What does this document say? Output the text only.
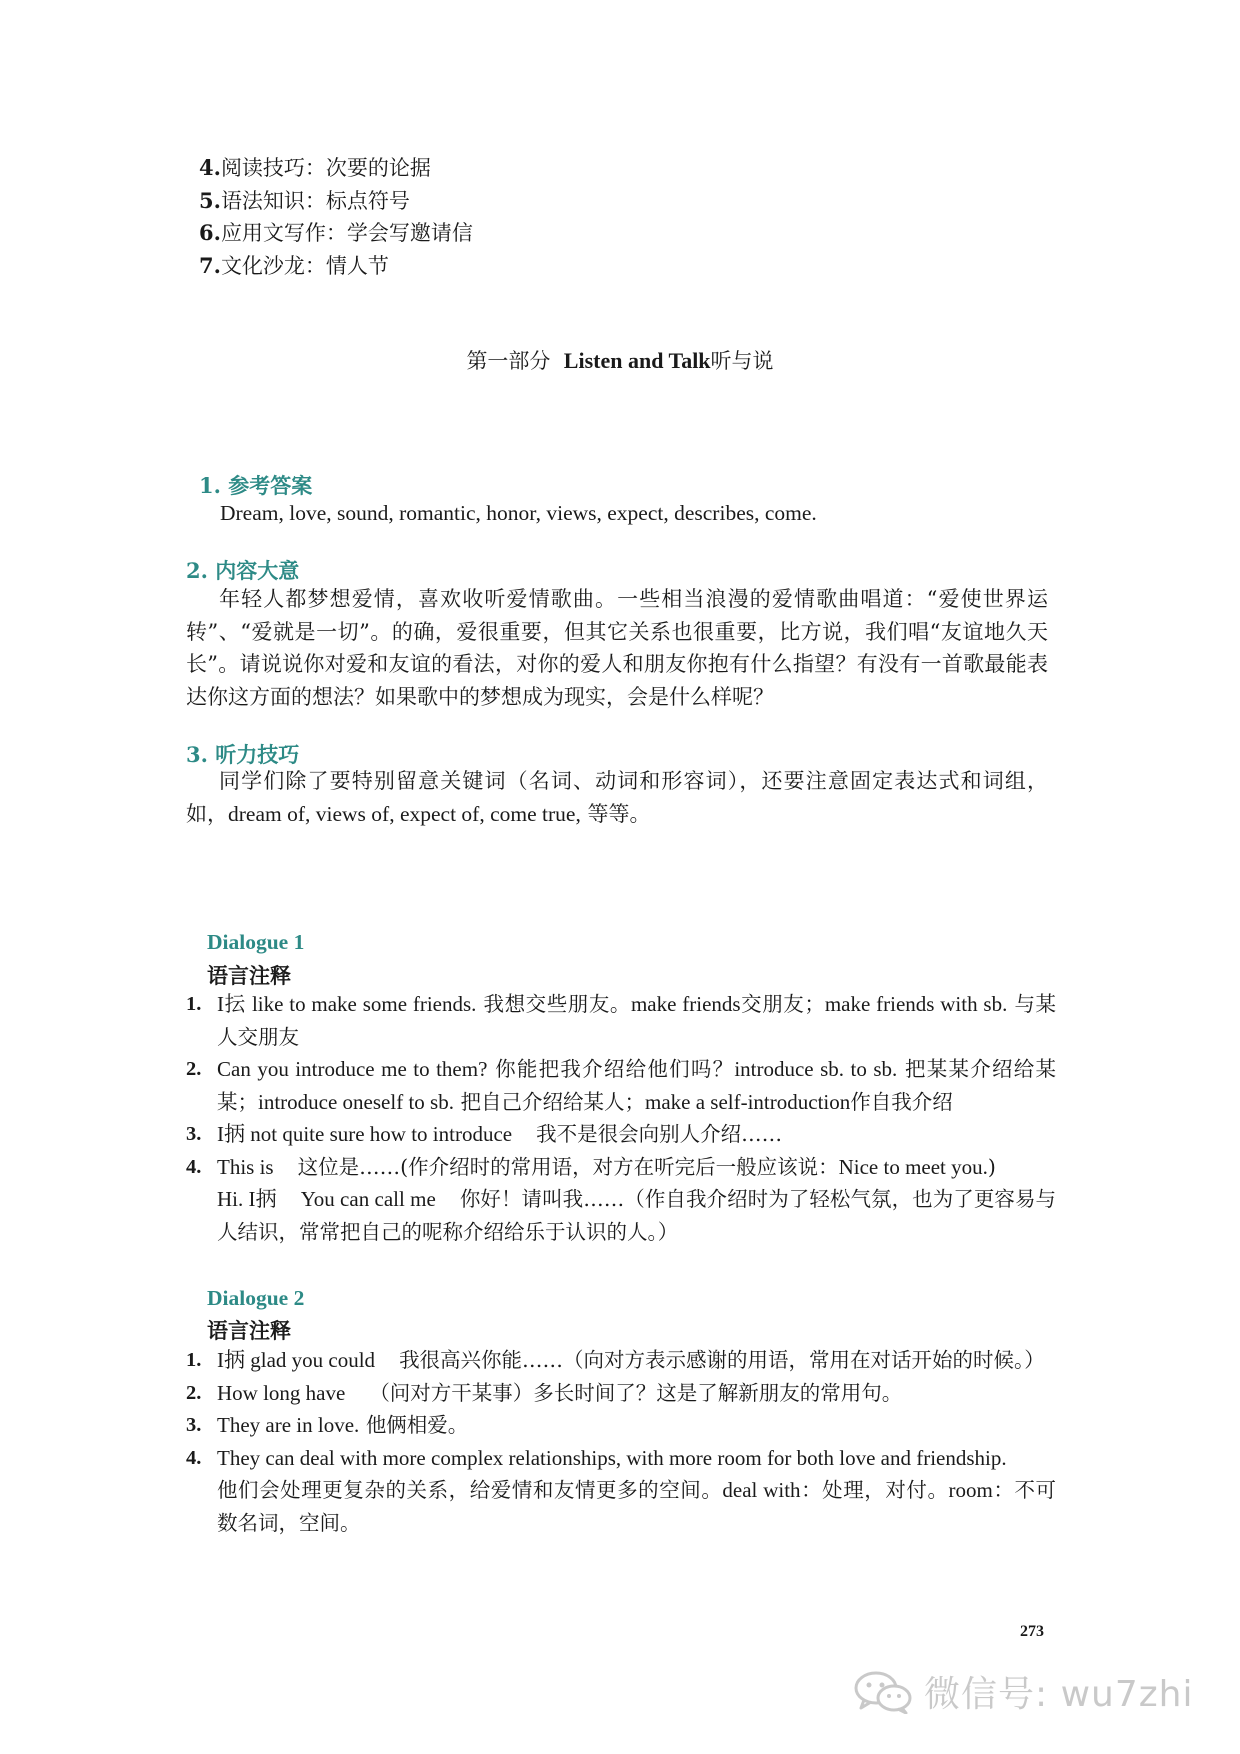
4.阅读技巧：次要的论据
5.语法知识：标点符号
6.应用文写作：学会写邀请信
7.文化沙龙：情人节
第一部分 Listen and Talk听与说
1. 参考答案
Dream, love, sound, romantic, honor, views, expect, describes, come.
2. 内容大意
年轻人都梦想爱情，喜欢收听爱情歌曲。一些相当浪漫的爱情歌曲唱道：“爱使世界运转”、“爱就是一切”。的确，爱很重要，但其它关系也很重要，比方说，我们唱“友谊地久天长”。请说说你对爱和友谊的看法，对你的爱人和朋友你抱有什么指望？有没有一首歌最能表达你这方面的想法？如果歌中的梦想成为现实，会是什么样呢？
3. 听力技巧
同学们除了要特别留意关键词（名词、动词和形容词），还要注意固定表达式和词组，如，dream of, views of, expect of, come true, 等等。
Dialogue 1
语言注释
1. I抎 like to make some friends. 我想交些朋友。make friends交朋友；make friends with sb. 与某人交朋友
2. Can you introduce me to them? 你能把我介绍给他们吗？introduce sb. to sb. 把某某介绍给某某；introduce oneself to sb. 把自己介绍给某人；make a self-introduction作自我介绍
3. I抦 not quite sure how to introduce 我不是很会向别人介绍……
4. This is 这位是……(作介绍时的常用语，对方在听完后一般应该说：Nice to meet you.)
Hi. I抦 You can call me 你好！请叫我……（作自我介绍时为了轻松气氛，也为了更容易与人结识，常常把自己的呢称介绍给乐于认识的人。）
Dialogue 2
语言注释
1. I抦 glad you could 我很高兴你能……（向对方表示感谢的用语，常用在对话开始的时候。）
2. How long have （问对方干某事）多长时间了？这是了解新朋友的常用句。
3. They are in love. 他俩相爱。
4. They can deal with more complex relationships, with more room for both love and friendship.
他们会处理更复杂的关系，给爱情和友情更多的空间。deal with：处理，对付。room：不可数名词，空间。
273
微信号: wu7zhi
